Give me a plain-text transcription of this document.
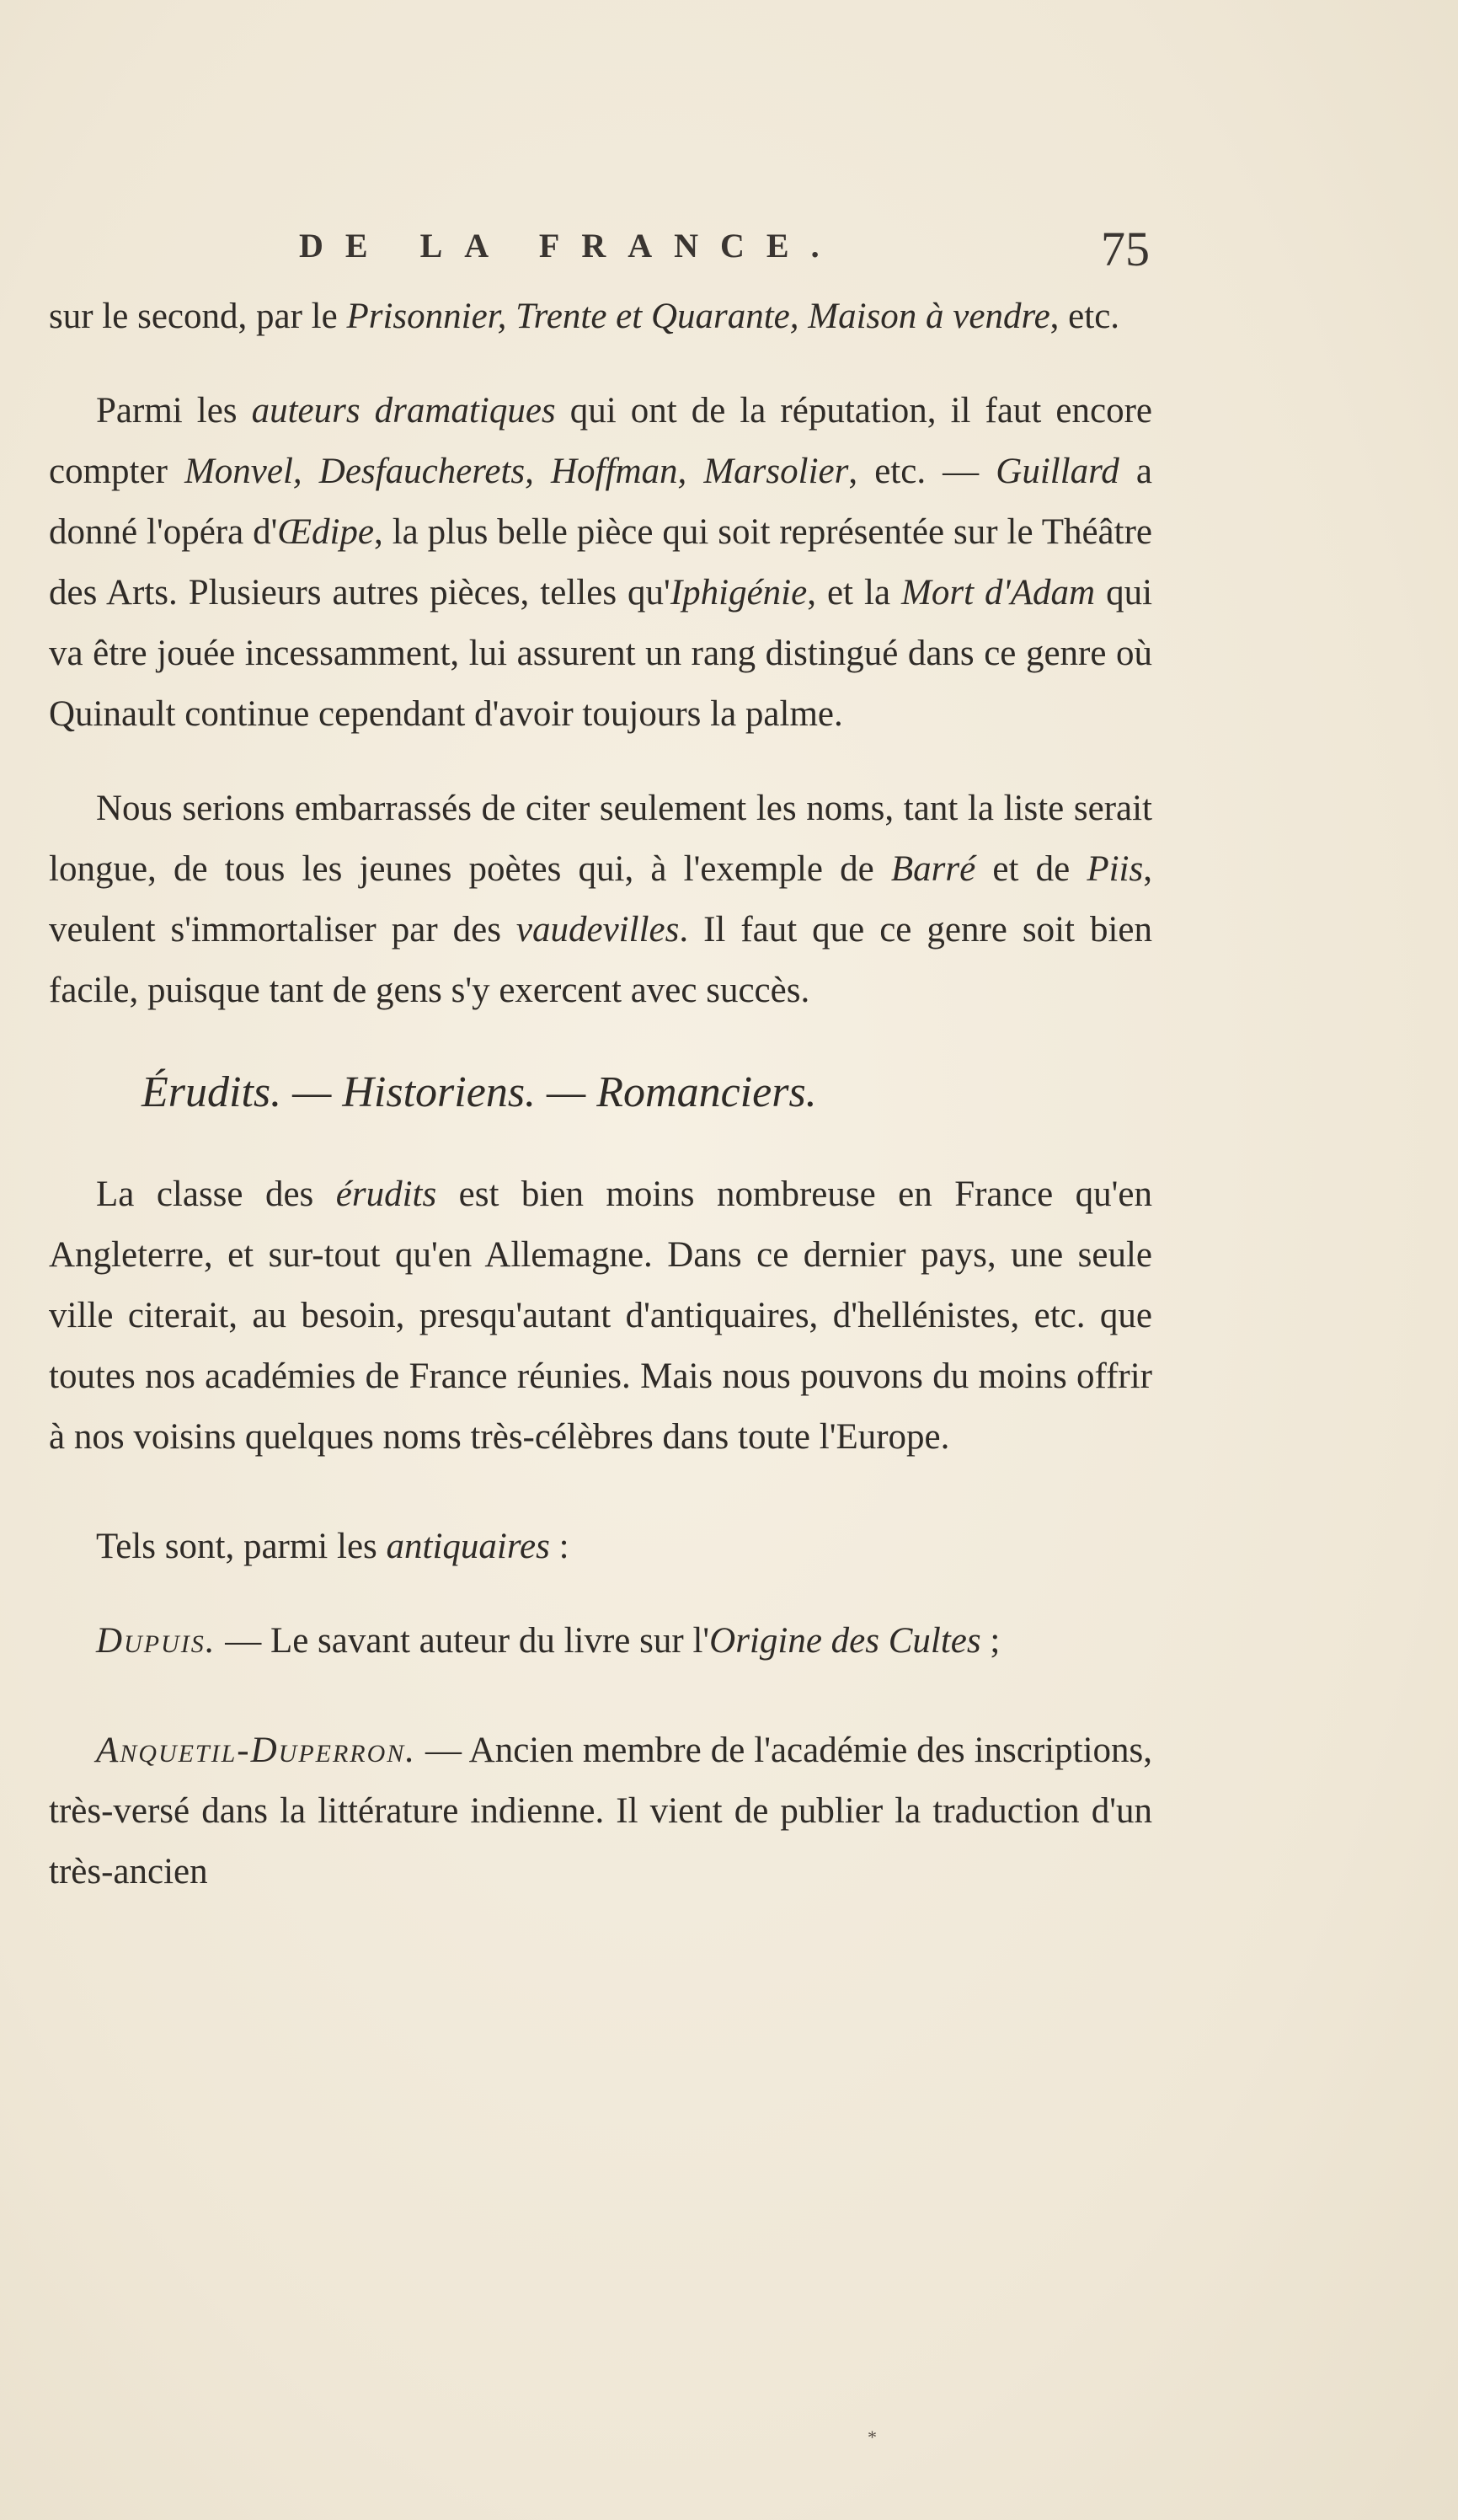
DE LA FRANCE.	75

sur le second, par le Prisonnier, Trente et Quarante, Maison à vendre, etc.

Parmi les auteurs dramatiques qui ont de la réputation, il faut encore compter Monvel, Desfaucherets, Hoffman, Marsolier, etc. — Guillard a donné l'opéra d'Œdipe, la plus belle pièce qui soit représentée sur le Théâtre des Arts. Plusieurs autres pièces, telles qu'Iphigénie, et la Mort d'Adam qui va être jouée incessamment, lui assurent un rang distingué dans ce genre où Quinault continue cependant d'avoir toujours la palme.

Nous serions embarrassés de citer seulement les noms, tant la liste serait longue, de tous les jeunes poètes qui, à l'exemple de Barré et de Piis, veulent s'immortaliser par des vaudevilles. Il faut que ce genre soit bien facile, puisque tant de gens s'y exercent avec succès.

Érudits. — Historiens. — Romanciers.

La classe des érudits est bien moins nombreuse en France qu'en Angleterre, et sur-tout qu'en Allemagne. Dans ce dernier pays, une seule ville citerait, au besoin, presqu'autant d'antiquaires, d'hellénistes, etc. que toutes nos académies de France réunies. Mais nous pouvons du moins offrir à nos voisins quelques noms très-célèbres dans toute l'Europe.

Tels sont, parmi les antiquaires :

Dupuis. — Le savant auteur du livre sur l'Origine des Cultes ;

Anquetil-Duperron. — Ancien membre de l'académie des inscriptions, très-versé dans la littérature indienne. Il vient de publier la traduction d'un très-ancien

*
